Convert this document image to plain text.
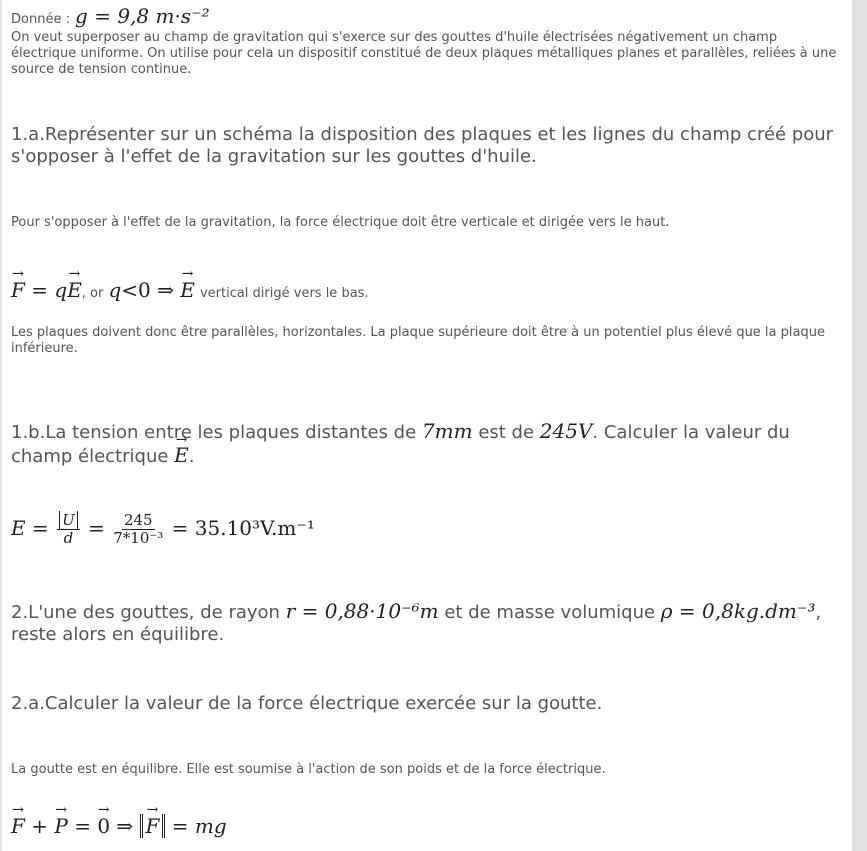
Donnée : g = 9,8 m·s⁻²

On veut superposer au champ de gravitation qui s'exerce sur des gouttes d'huile électrisées négativement un champ électrique uniforme. On utilise pour cela un dispositif constitué de deux plaques métalliques planes et parallèles, reliées à une source de tension continue.

1.a.Représenter sur un schéma la disposition des plaques et les lignes du champ créé pour s'opposer à l'effet de la gravitation sur les gouttes d'huile.

Pour s'opposer à l'effet de la gravitation, la force électrique doit être verticale et dirigée vers le haut.

→ F = q→ E, or q<0 ⇒ → E vertical dirigé vers le bas.

Les plaques doivent donc être parallèles, horizontales. La plaque supérieure doit être à un potentiel plus élevé que la plaque inférieure.

1.b.La tension entre les plaques distantes de 7mm est de 245V. Calculer la valeur du champ électrique → E.
$E = \frac{U}{d} = \frac{245}{\text{7*10⁻³}} = 35.10^3V.m^{-1}$
2.L'une des gouttes, de rayon r = 0,88·10⁻⁶m et de masse volumique ρ = 0,8kg.dm⁻³, reste alors en équilibre.

2.a.Calculer la valeur de la force électrique exercée sur la goutte.

La goutte est en équilibre. Elle est soumise à l'action de son poids et de la force électrique.

→ F + → P = → 0 ⇒ → F = mg
